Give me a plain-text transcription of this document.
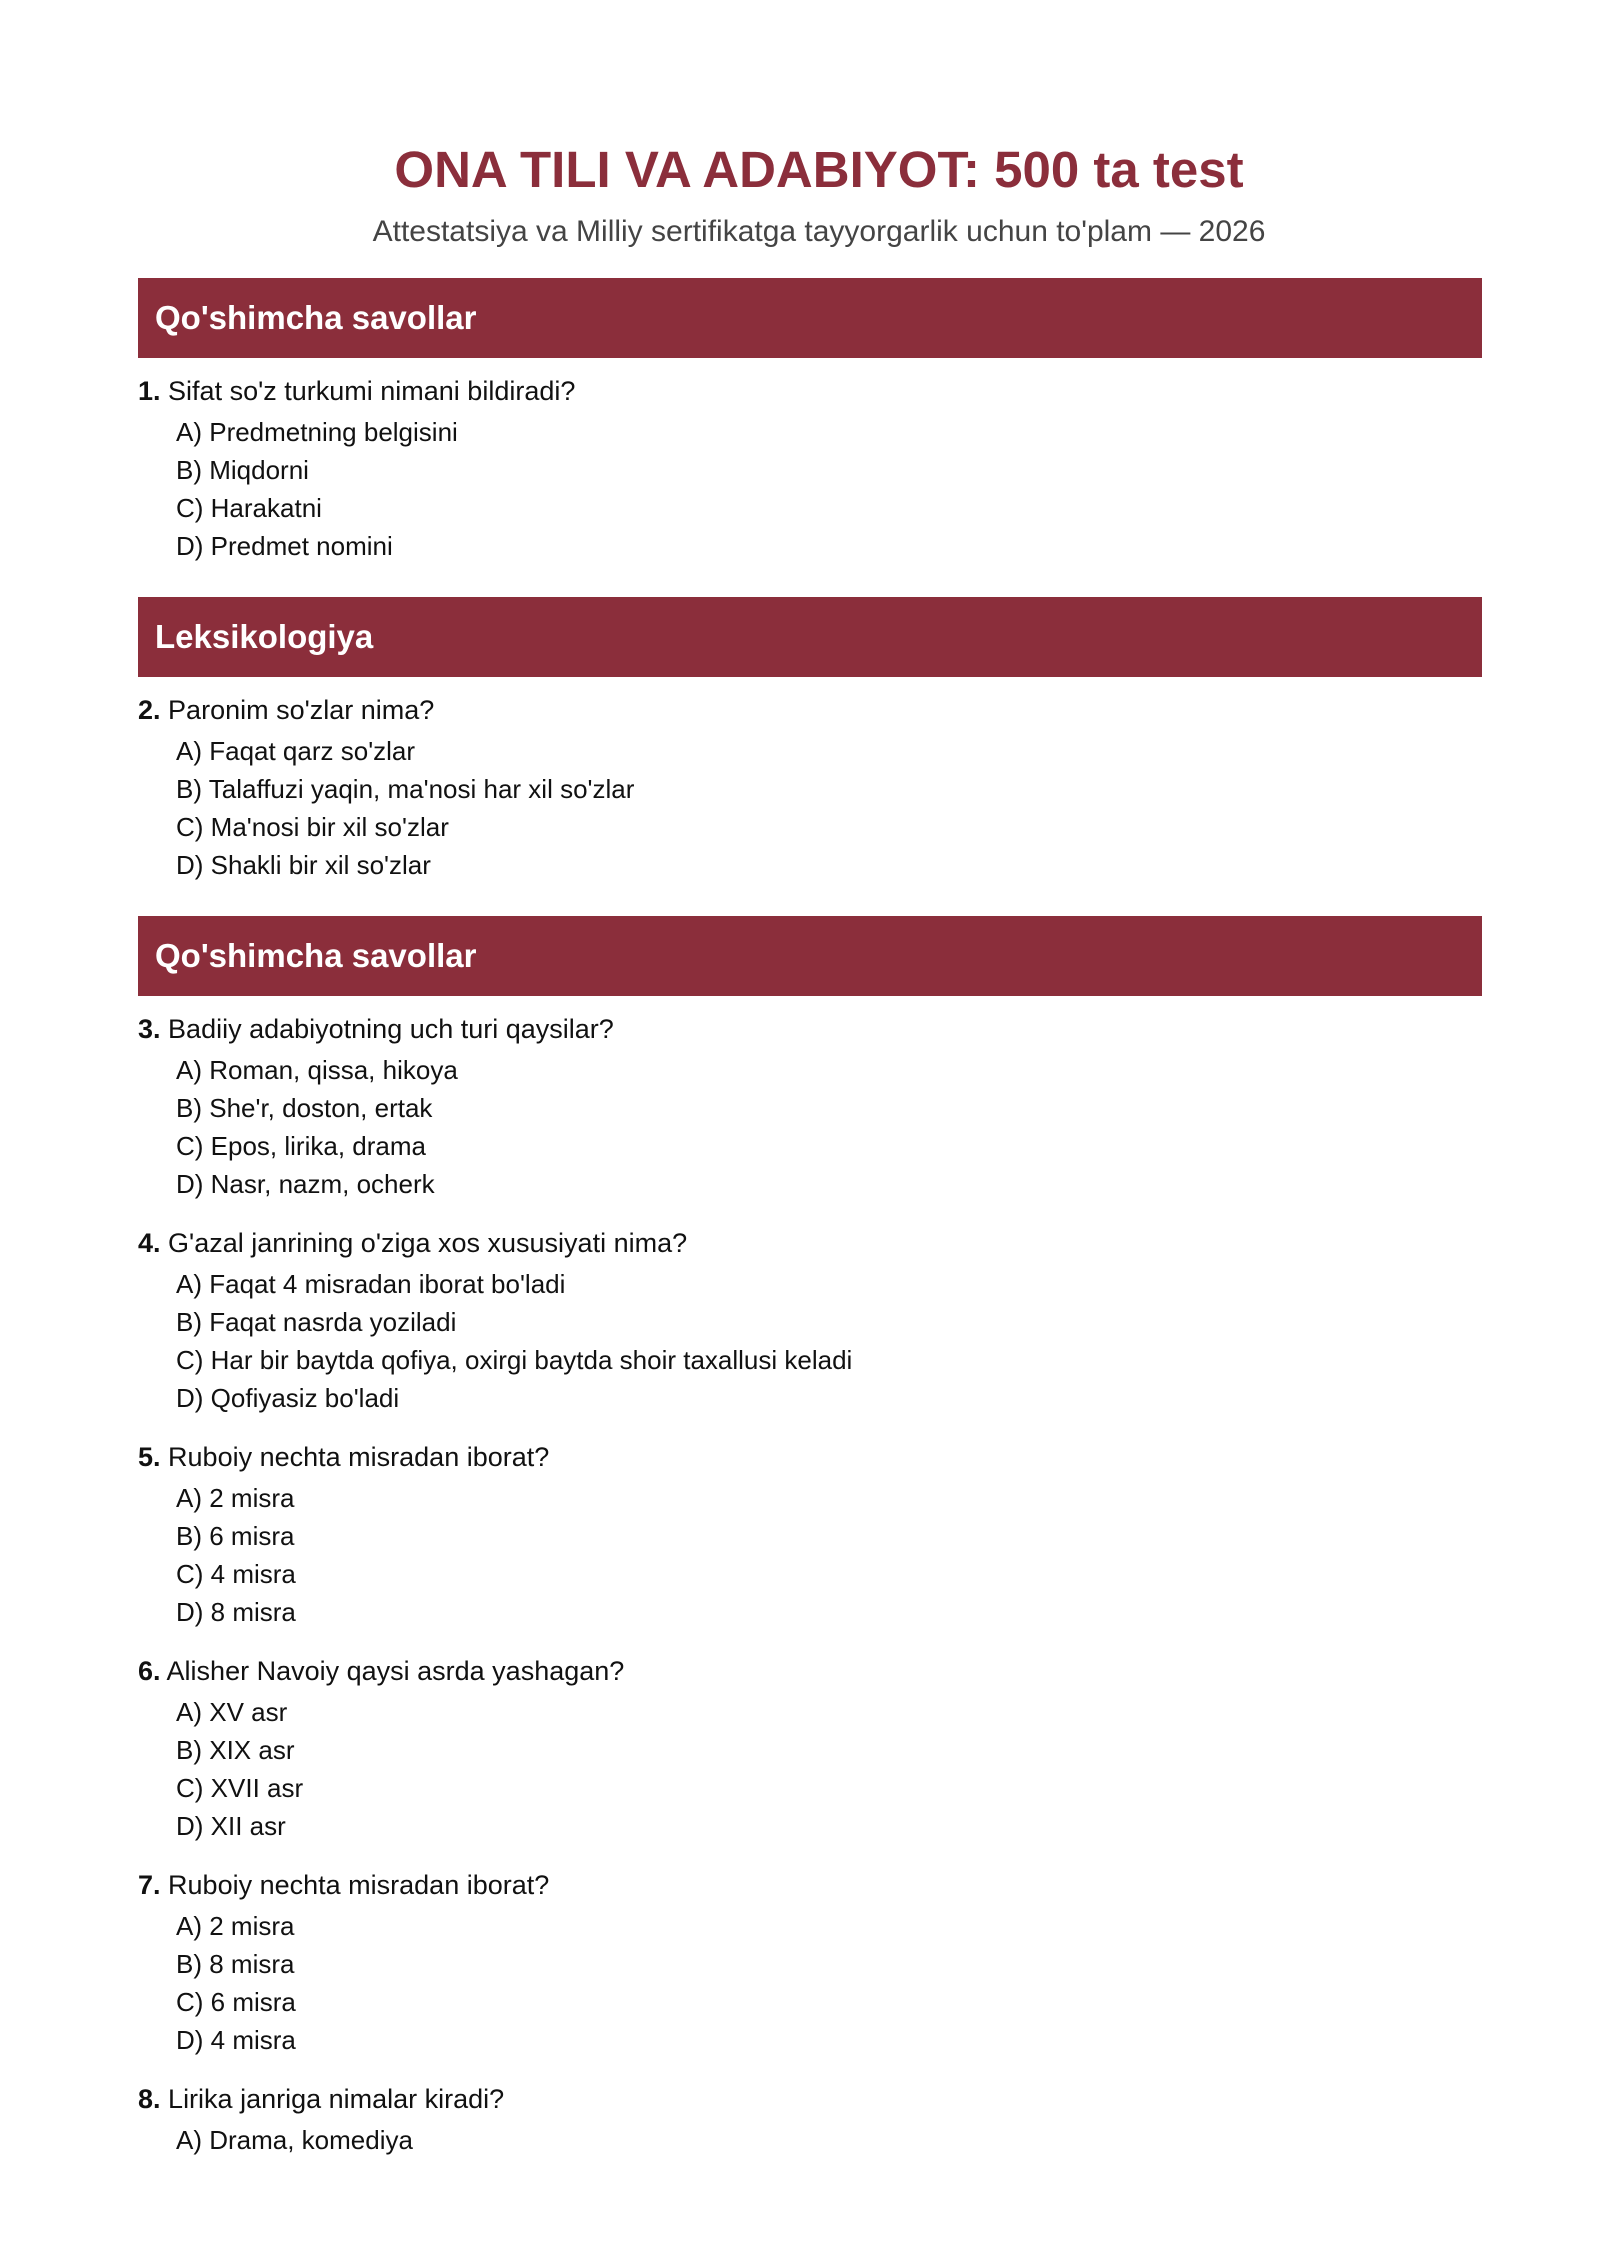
ONA TILI VA ADABIYOT: 500 ta test

Attestatsiya va Milliy sertifikatga tayyorgarlik uchun to'plam — 2026

Qo'shimcha savollar
1. Sifat so'z turkumi nimani bildiradi?
A) Predmetning belgisini
B) Miqdorni
C) Harakatni
D) Predmet nomini
Leksikologiya
2. Paronim so'zlar nima?
A) Faqat qarz so'zlar
B) Talaffuzi yaqin, ma'nosi har xil so'zlar
C) Ma'nosi bir xil so'zlar
D) Shakli bir xil so'zlar
Qo'shimcha savollar
3. Badiiy adabiyotning uch turi qaysilar?
A) Roman, qissa, hikoya
B) She'r, doston, ertak
C) Epos, lirika, drama
D) Nasr, nazm, ocherk
4. G'azal janrining o'ziga xos xususiyati nima?
A) Faqat 4 misradan iborat bo'ladi
B) Faqat nasrda yoziladi
C) Har bir baytda qofiya, oxirgi baytda shoir taxallusi keladi
D) Qofiyasiz bo'ladi
5. Ruboiy nechta misradan iborat?
A) 2 misra
B) 6 misra
C) 4 misra
D) 8 misra
6. Alisher Navoiy qaysi asrda yashagan?
A) XV asr
B) XIX asr
C) XVII asr
D) XII asr
7. Ruboiy nechta misradan iborat?
A) 2 misra
B) 8 misra
C) 6 misra
D) 4 misra
8. Lirika janriga nimalar kiradi?
A) Drama, komediya
